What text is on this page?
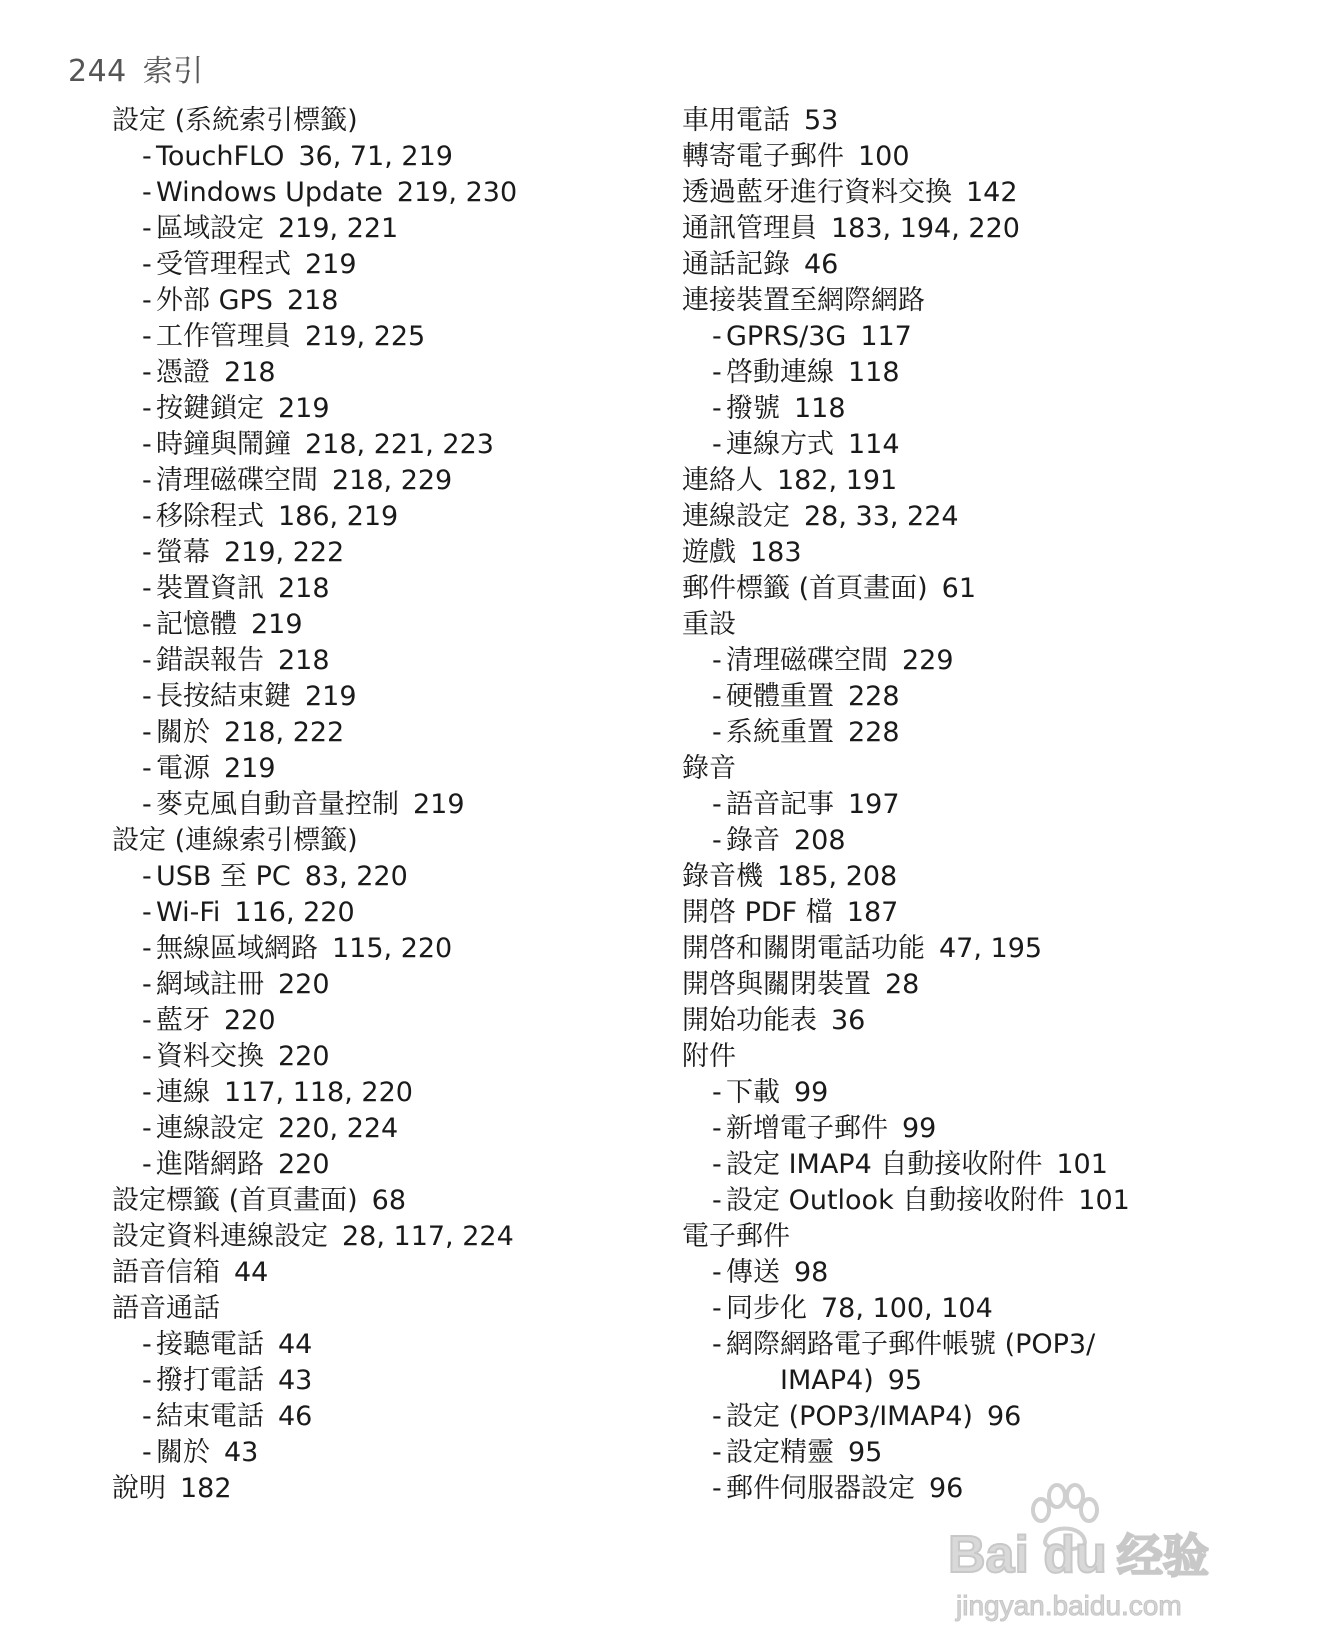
244 索引
設定 (系統索引標籤)
- TouchFLO 36, 71, 219
- Windows Update 219, 230
- 區域設定 219, 221
- 受管理程式 219
- 外部 GPS 218
- 工作管理員 219, 225
- 憑證 218
- 按鍵鎖定 219
- 時鐘與鬧鐘 218, 221, 223
- 清理磁碟空間 218, 229
- 移除程式 186, 219
- 螢幕 219, 222
- 裝置資訊 218
- 記憶體 219
- 錯誤報告 218
- 長按結束鍵 219
- 關於 218, 222
- 電源 219
- 麥克風自動音量控制 219
設定 (連線索引標籤)
- USB 至 PC 83, 220
- Wi-Fi 116, 220
- 無線區域網路 115, 220
- 網域註冊 220
- 藍牙 220
- 資料交換 220
- 連線 117, 118, 220
- 連線設定 220, 224
- 進階網路 220
設定標籤 (首頁畫面) 68
設定資料連線設定 28, 117, 224
語音信箱 44
語音通話
- 接聽電話 44
- 撥打電話 43
- 結束電話 46
- 關於 43
說明 182
車用電話 53
轉寄電子郵件 100
透過藍牙進行資料交換 142
通訊管理員 183, 194, 220
通話記錄 46
連接裝置至網際網路
- GPRS/3G 117
- 啓動連線 118
- 撥號 118
- 連線方式 114
連絡人 182, 191
連線設定 28, 33, 224
遊戲 183
郵件標籤 (首頁畫面) 61
重設
- 清理磁碟空間 229
- 硬體重置 228
- 系統重置 228
錄音
- 語音記事 197
- 錄音 208
錄音機 185, 208
開啓 PDF 檔 187
開啓和關閉電話功能 47, 195
開啓與關閉裝置 28
開始功能表 36
附件
- 下載 99
- 新增電子郵件 99
- 設定 IMAP4 自動接收附件 101
- 設定 Outlook 自動接收附件 101
電子郵件
- 傳送 98
- 同步化 78, 100, 104
- 網際網路電子郵件帳號 (POP3/
IMAP4) 95
- 設定 (POP3/IMAP4) 96
- 設定精靈 95
- 郵件伺服器設定 96
Bai du 经验
jingyan.baidu.com
